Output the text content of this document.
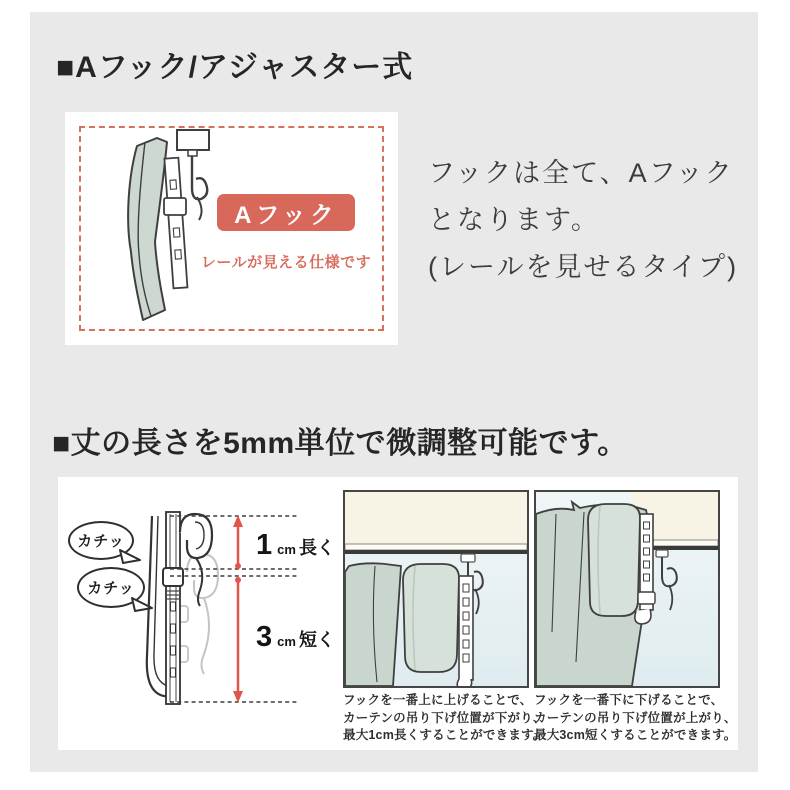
■Aフック/アジャスター式
Aフック
レールが見える仕様です
フックは全て、Aフック
となります。
(レールを見せるタイプ)
■丈の長さを5mm単位で微調整可能です。
カチッ
カチッ
1 cm 長く
3 cm 短く
フックを一番上に上げることで、
カーテンの吊り下げ位置が下がり、
最大1cm長くすることができます。
フックを一番下に下げることで、
カーテンの吊り下げ位置が上がり、
最大3cm短くすることができます。
